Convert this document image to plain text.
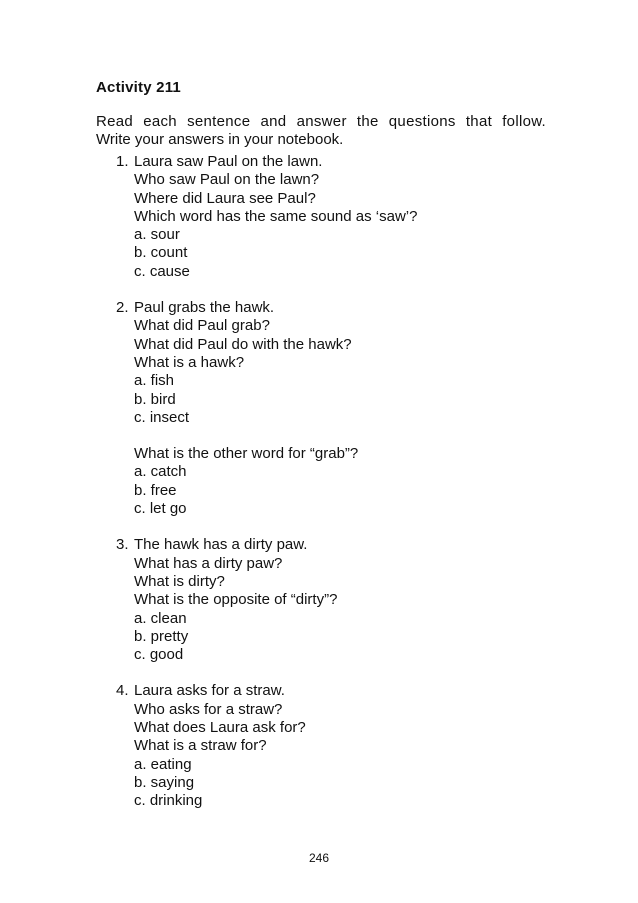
Activity 211
Read each sentence and answer the questions that follow.
Write your answers in your notebook.
1. Laura saw Paul on the lawn.
Who saw Paul on the lawn?
Where did Laura see Paul?
Which word has the same sound as ‘saw’?
a. sour
b. count
c. cause
2. Paul grabs the hawk.
What did Paul grab?
What did Paul do with the hawk?
What is a hawk?
a. fish
b. bird
c. insect
What is the other word for “grab”?
a. catch
b. free
c. let go
3. The hawk has a dirty paw.
What has a dirty paw?
What is dirty?
What is the opposite of “dirty”?
a. clean
b. pretty
c. good
4. Laura asks for a straw.
Who asks for a straw?
What does Laura ask for?
What is a straw for?
a. eating
b. saying
c. drinking
246
